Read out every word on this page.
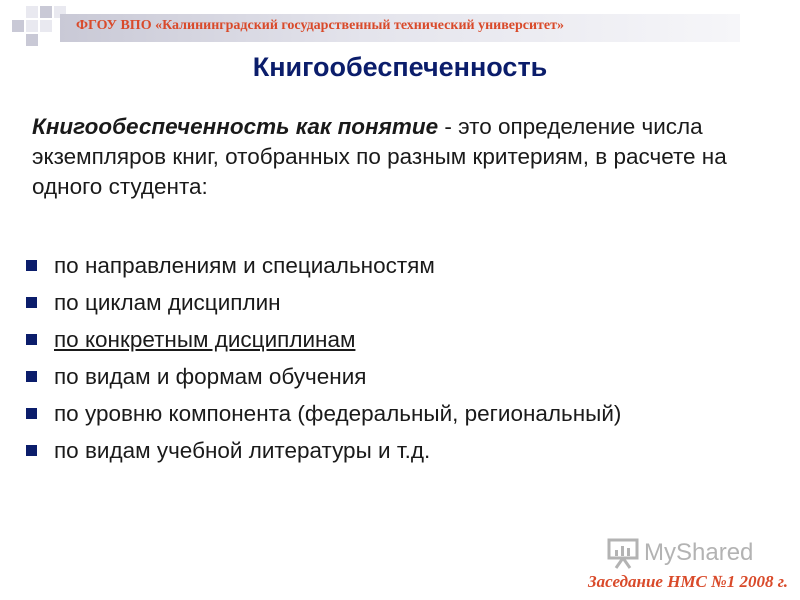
ФГОУ ВПО «Калининградский государственный технический университет»
Книгообеспеченность
Книгообеспеченность как понятие - это определение числа экземпляров книг, отобранных по разным критериям, в расчете на одного студента:
по направлениям и специальностям
по циклам дисциплин
по конкретным дисциплинам
по видам и формам обучения
по уровню компонента (федеральный, региональный)
по видам учебной литературы и т.д.
MyShared
Заседание НМС №1 2008 г.
